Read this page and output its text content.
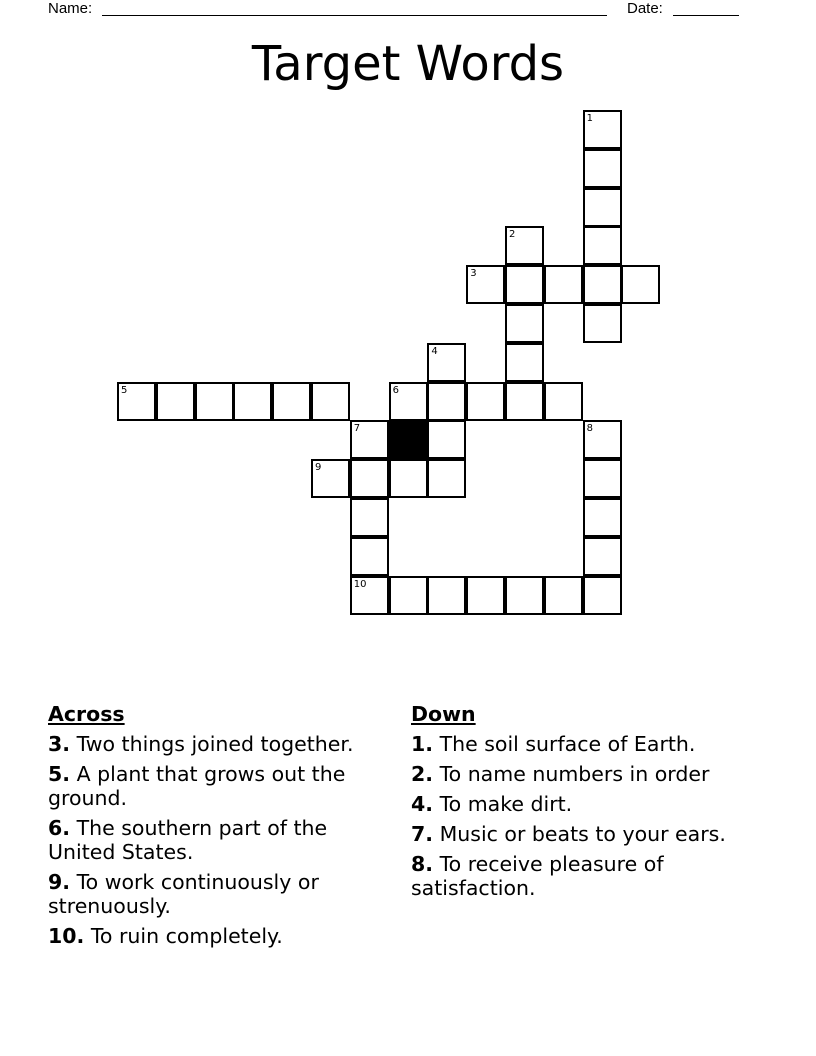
Name:	Date:
Target Words
1
2
3
4
5	6
7	8
9
10
Across
3. Two things joined together.
5. A plant that grows out the ground.
6. The southern part of the United States.
9. To work continuously or strenuously.
10. To ruin completely.
Down
1. The soil surface of Earth.
2. To name numbers in order
4. To make dirt.
7. Music or beats to your ears.
8. To receive pleasure of satisfaction.
